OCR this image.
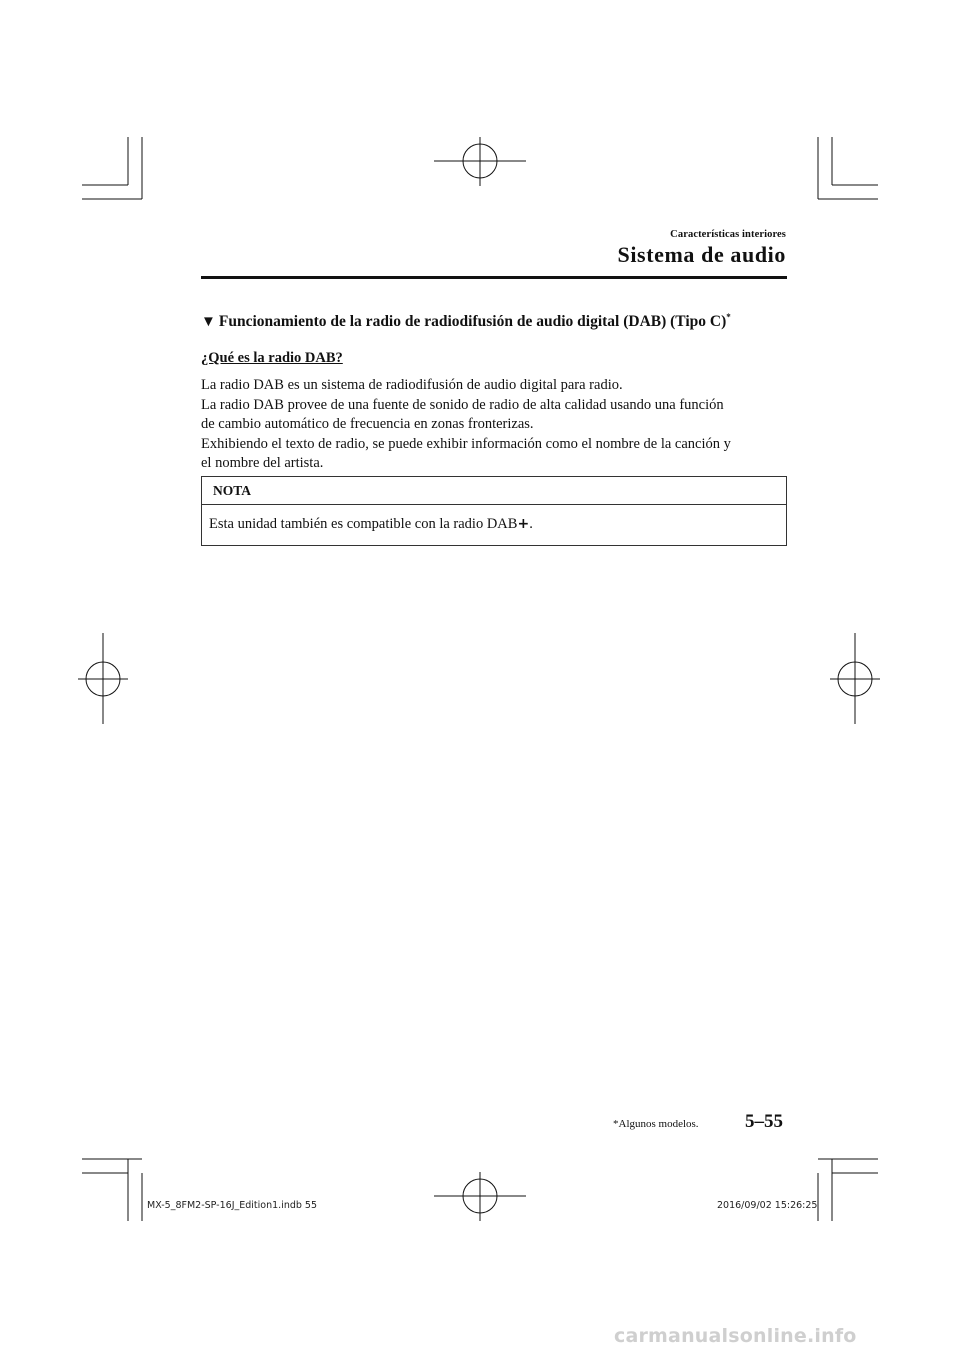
Características interiores
Sistema de audio
▼ Funcionamiento de la radio de radiodifusión de audio digital (DAB) (Tipo C)*
¿Qué es la radio DAB?

La radio DAB es un sistema de radiodifusión de audio digital para radio.

La radio DAB provee de una fuente de sonido de radio de alta calidad usando una función

de cambio automático de frecuencia en zonas fronterizas.

Exhibiendo el texto de radio, se puede exhibir información como el nombre de la canción y

el nombre del artista.

NOTA
Esta unidad también es compatible con la radio DAB+.
*Algunos modelos. 5–55
MX-5_8FM2-SP-16J_Edition1.indb 55	2016/09/02 15:26:25
carmanualsonline.info
